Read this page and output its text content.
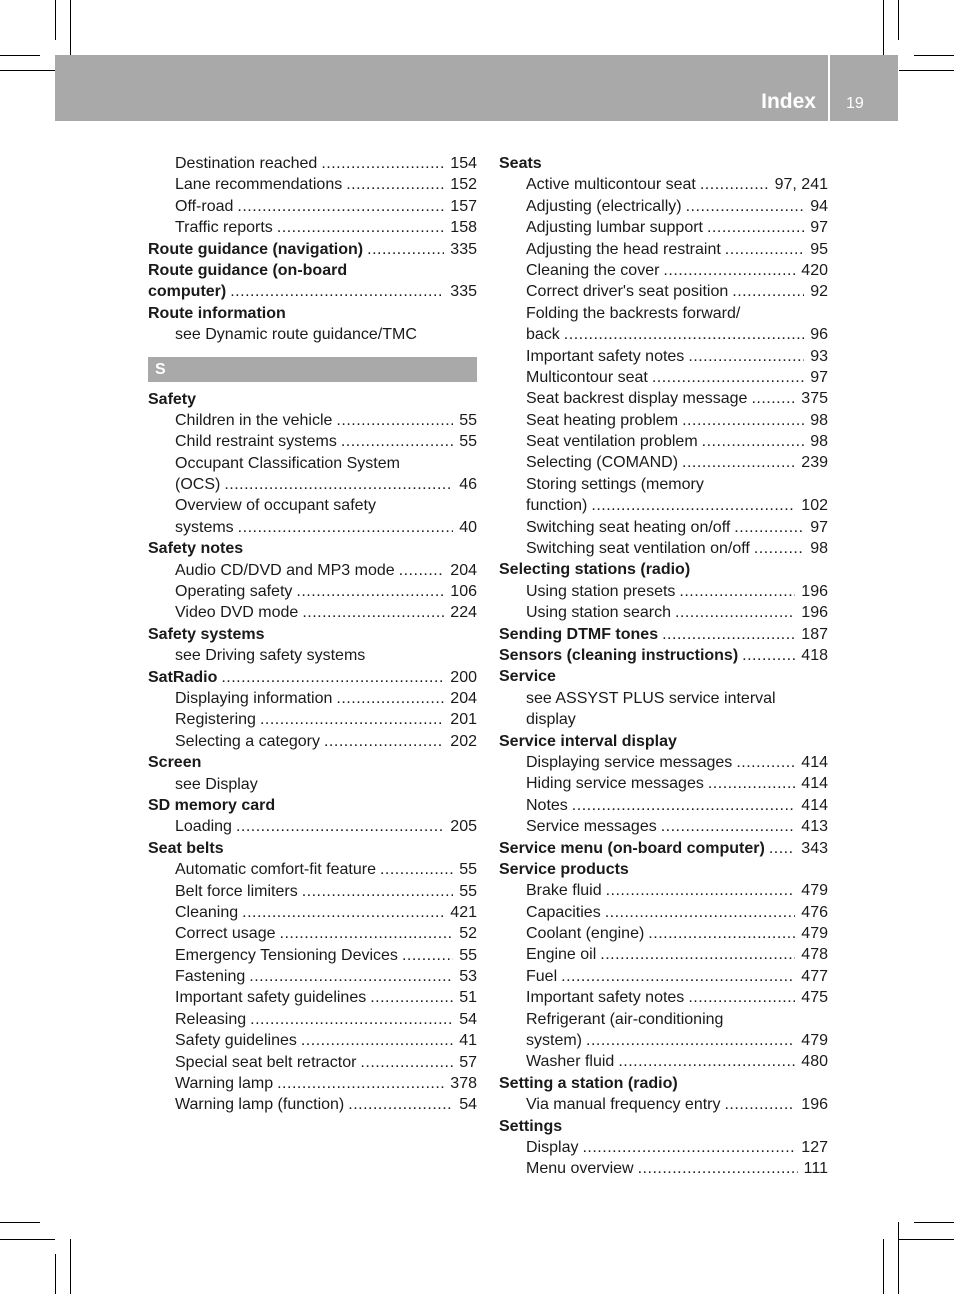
Index 19
Destination reached .....	154
Lane recommendations .....	152
Off-road .....	157
Traffic reports .....	158
Route guidance (navigation) .....	335
Route guidance (on-board
computer) .....	335
Route information
see Dynamic route guidance/TMC
S
Safety
Children in the vehicle .....	55
Child restraint systems .....	55
Occupant Classification System
(OCS) .....	46
Overview of occupant safety
systems .....	40
Safety notes
Audio CD/DVD and MP3 mode .....	204
Operating safety .....	106
Video DVD mode .....	224
Safety systems
see Driving safety systems
SatRadio .....	200
Displaying information .....	204
Registering .....	201
Selecting a category .....	202
Screen
see Display
SD memory card
Loading .....	205
Seat belts
Automatic comfort-fit feature .....	55
Belt force limiters .....	55
Cleaning .....	421
Correct usage .....	52
Emergency Tensioning Devices .....	55
Fastening .....	53
Important safety guidelines .....	51
Releasing .....	54
Safety guidelines .....	41
Special seat belt retractor .....	57
Warning lamp .....	378
Warning lamp (function) .....	54
Seats
Active multicontour seat .....	97, 241
Adjusting (electrically) .....	94
Adjusting lumbar support .....	97
Adjusting the head restraint .....	95
Cleaning the cover .....	420
Correct driver's seat position .....	92
Folding the backrests forward/
back .....	96
Important safety notes .....	93
Multicontour seat .....	97
Seat backrest display message .....	375
Seat heating problem .....	98
Seat ventilation problem .....	98
Selecting (COMAND) .....	239
Storing settings (memory
function) .....	102
Switching seat heating on/off .....	97
Switching seat ventilation on/off .....	98
Selecting stations (radio)
Using station presets .....	196
Using station search .....	196
Sending DTMF tones .....	187
Sensors (cleaning instructions) .....	418
Service
see ASSYST PLUS service interval
display
Service interval display
Displaying service messages .....	414
Hiding service messages .....	414
Notes .....	414
Service messages .....	413
Service menu (on-board computer) ..... 343
Service products
Brake fluid .....	479
Capacities .....	476
Coolant (engine) .....	479
Engine oil .....	478
Fuel .....	477
Important safety notes .....	475
Refrigerant (air-conditioning
system) .....	479
Washer fluid .....	480
Setting a station (radio)
Via manual frequency entry .....	196
Settings
Display .....	127
Menu overview .....	111
